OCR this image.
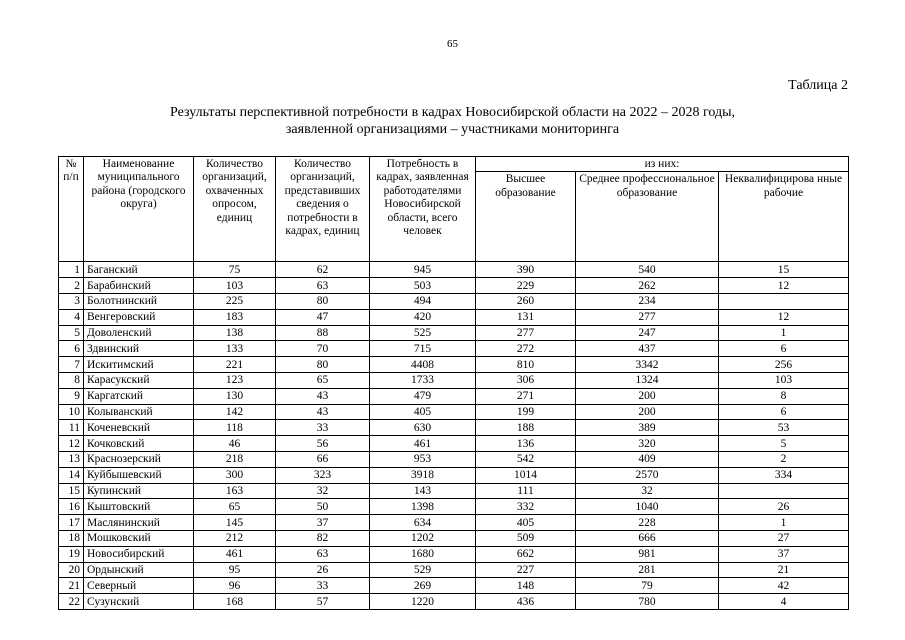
65
Таблица 2
Результаты перспективной потребности в кадрах Новосибирской области на 2022 – 2028 годы,
заявленной организациями – участниками мониторинга
№ п/п	Наименование муниципального района (городского округа)	Количество организаций, охваченных опросом, единиц	Количество организаций, представивших сведения о потребности в кадрах, единиц	Потребность в кадрах, заявленная работодателями Новосибирской области, всего человек	из них:		
					Высшее образование	Среднее профессиональное образование	Неквалифицирова нные рабочие
1	Баганский	75	62	945	390	540	15
2	Барабинский	103	63	503	229	262	12
3	Болотнинский	225	80	494	260	234	
4	Венгеровский	183	47	420	131	277	12
5	Доволенский	138	88	525	277	247	1
6	Здвинский	133	70	715	272	437	6
7	Искитимский	221	80	4408	810	3342	256
8	Карасукский	123	65	1733	306	1324	103
9	Каргатский	130	43	479	271	200	8
10	Колыванский	142	43	405	199	200	6
11	Коченевский	118	33	630	188	389	53
12	Кочковский	46	56	461	136	320	5
13	Краснозерский	218	66	953	542	409	2
14	Куйбышевский	300	323	3918	1014	2570	334
15	Купинский	163	32	143	111	32	
16	Кыштовский	65	50	1398	332	1040	26
17	Маслянинский	145	37	634	405	228	1
18	Мошковский	212	82	1202	509	666	27
19	Новосибирский	461	63	1680	662	981	37
20	Ордынский	95	26	529	227	281	21
21	Северный	96	33	269	148	79	42
22	Сузунский	168	57	1220	436	780	4
